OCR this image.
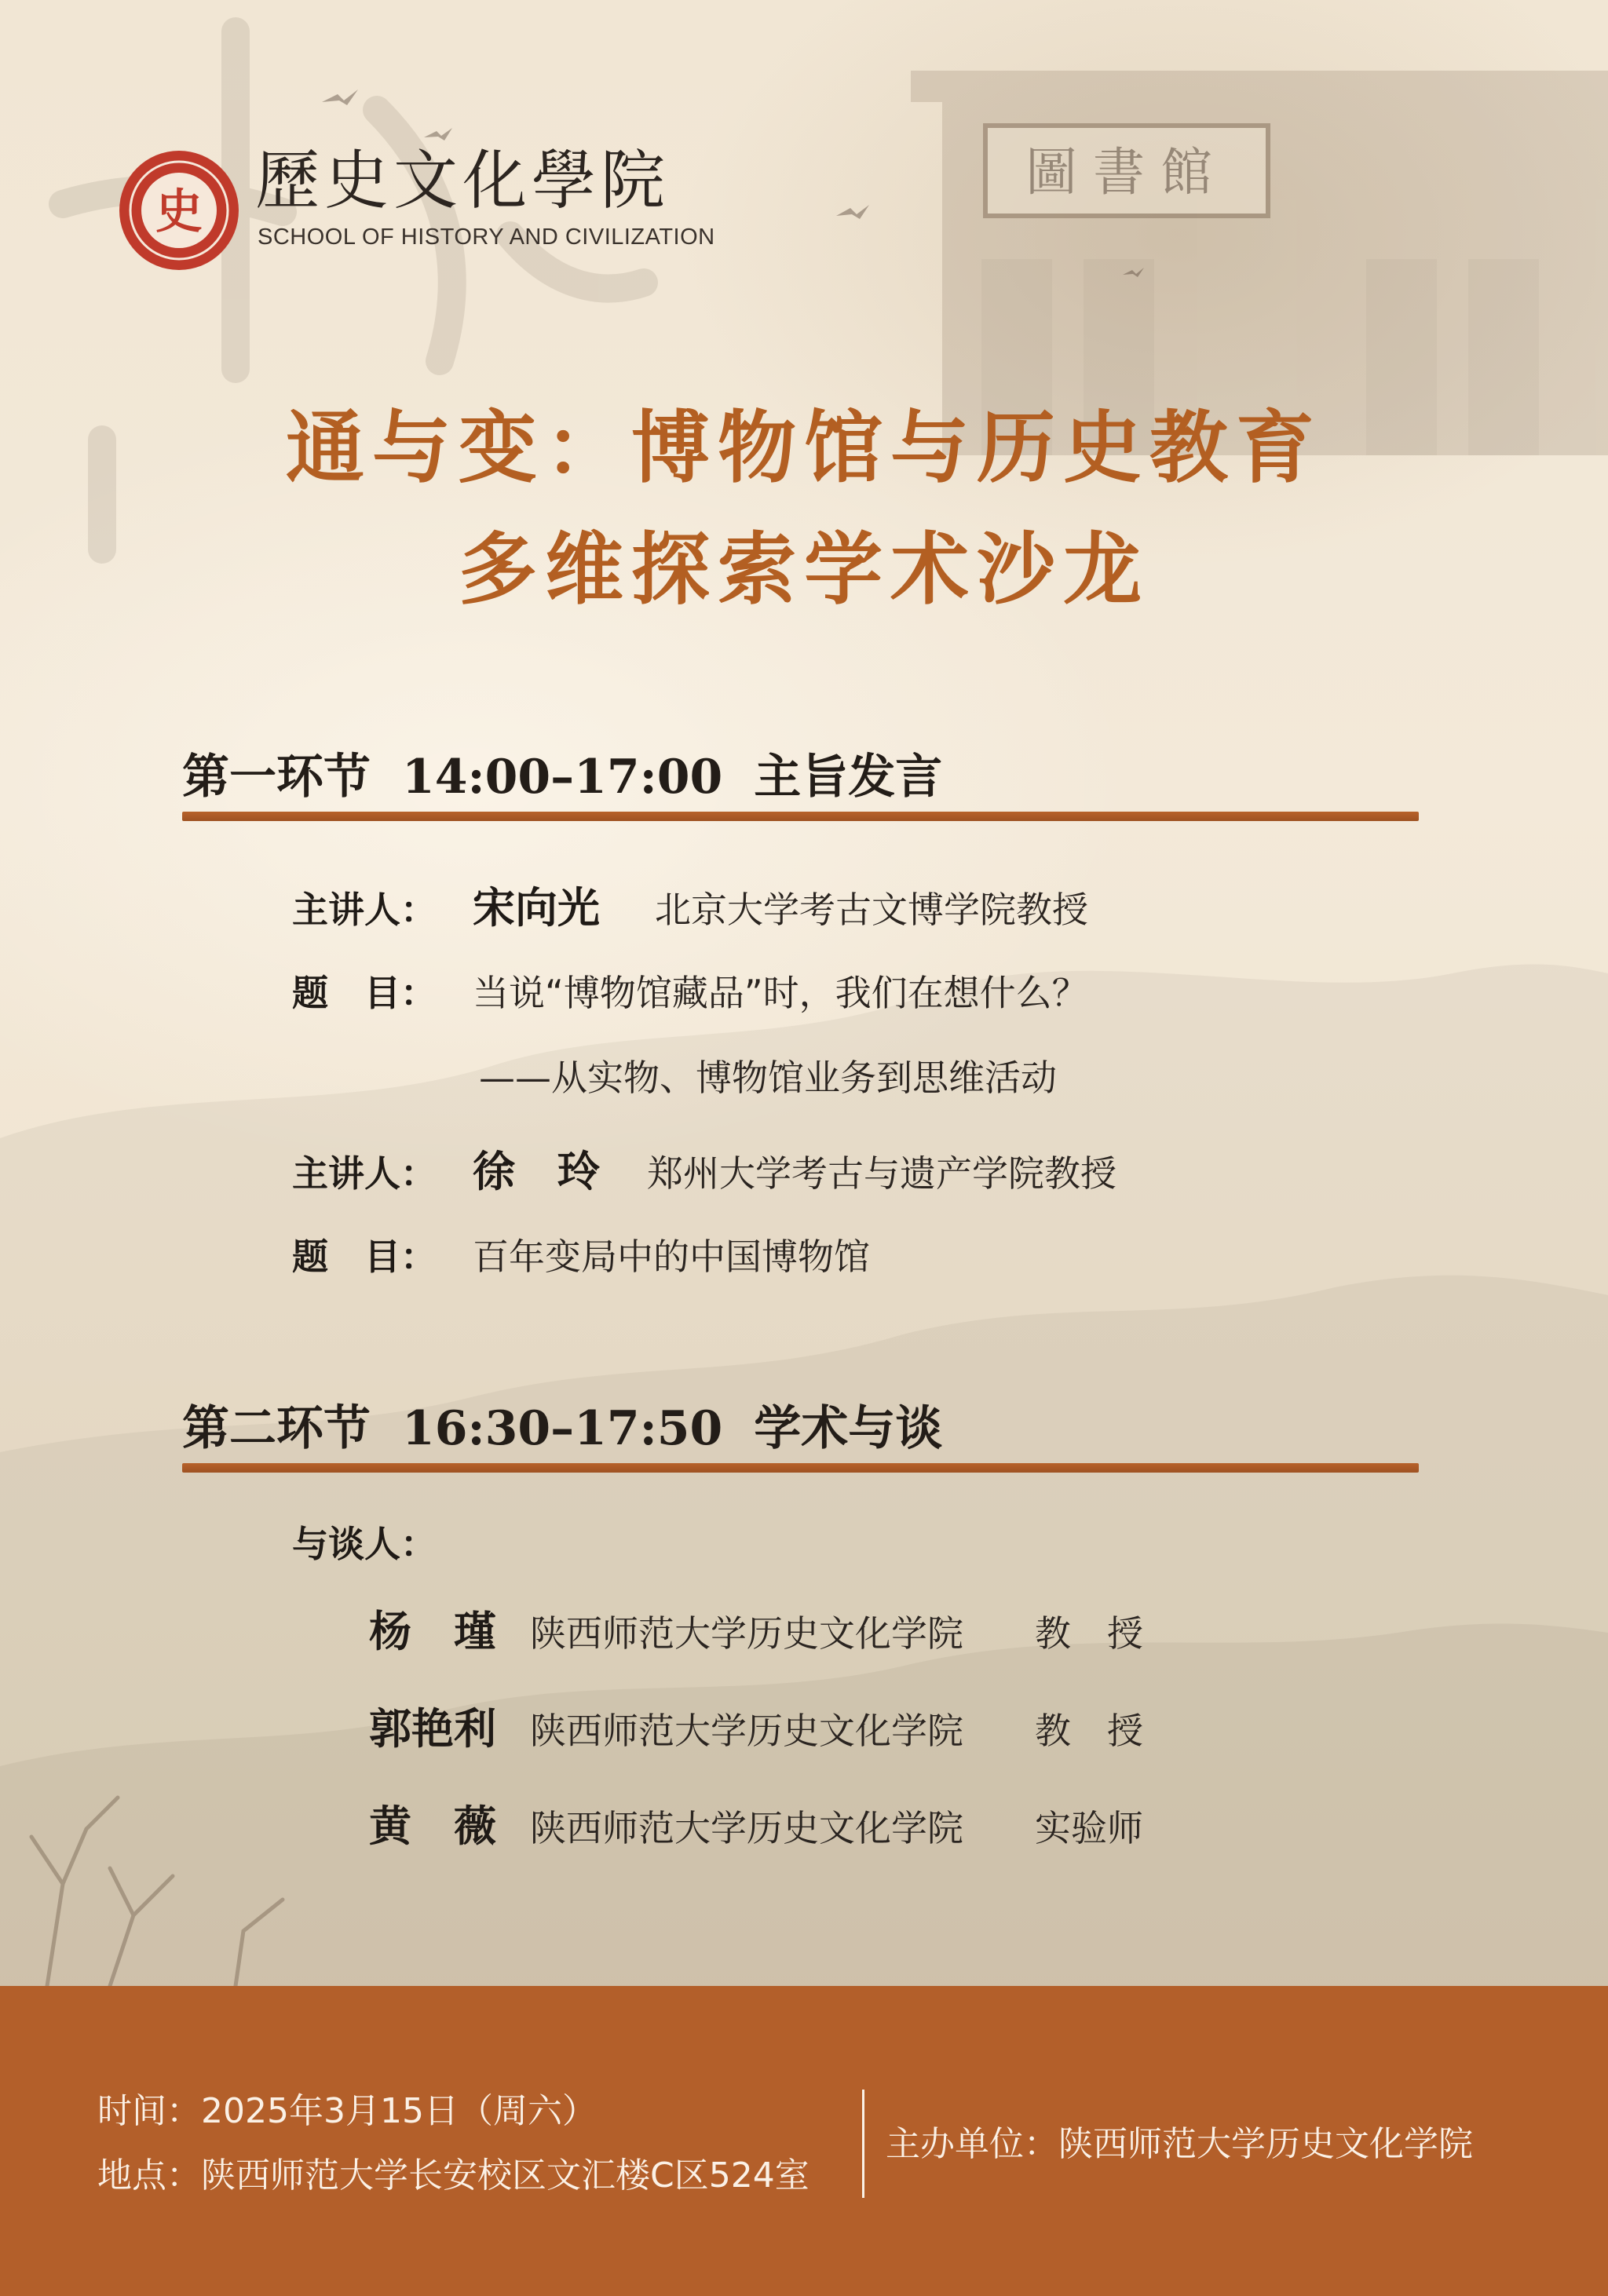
史 歷史文化學院
SCHOOL OF HISTORY AND CIVILIZATION
圖書館
通与变：博物馆与历史教育
多维探索学术沙龙
第一环节 14:00–17:00 主旨发言
主讲人： 宋向光 北京大学考古文博学院教授
题　目： 当说“博物馆藏品”时，我们在想什么？
——从实物、博物馆业务到思维活动
主讲人： 徐　玲 郑州大学考古与遗产学院教授
题　目： 百年变局中的中国博物馆
第二环节 16:30–17:50 学术与谈
与谈人：
杨　瑾 陕西师范大学历史文化学院 教　授
郭艳利 陕西师范大学历史文化学院 教　授
黄　薇 陕西师范大学历史文化学院 实验师
时间：2025年3月15日（周六）
地点：陕西师范大学长安校区文汇楼C区524室
主办单位：陕西师范大学历史文化学院
